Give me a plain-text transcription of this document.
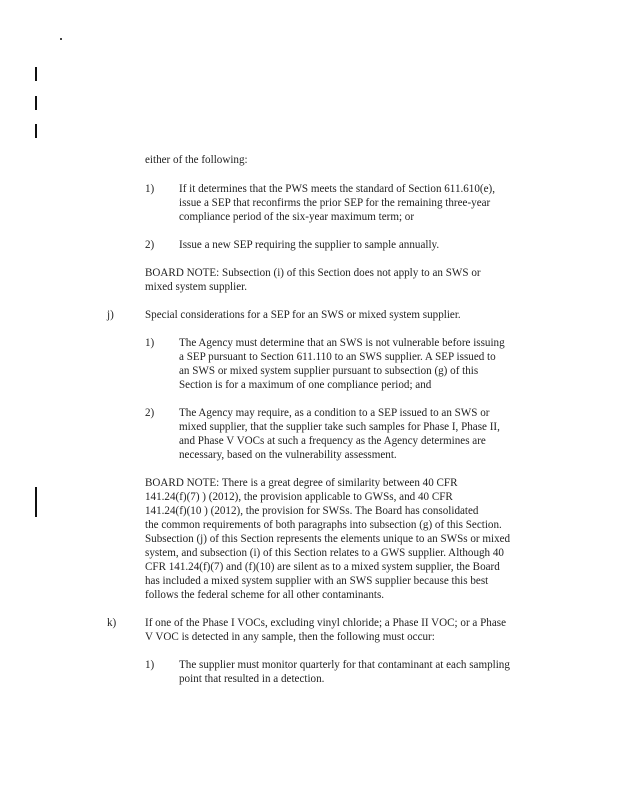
either of the following:
1) If it determines that the PWS meets the standard of Section 611.610(e),
issue a SEP that reconfirms the prior SEP for the remaining three-year
compliance period of the six-year maximum term; or
2) Issue a new SEP requiring the supplier to sample annually.
BOARD NOTE: Subsection (i) of this Section does not apply to an SWS or
mixed system supplier.
j)	Special considerations for a SEP for an SWS or mixed system supplier.
1) The Agency must determine that an SWS is not vulnerable before issuing
a SEP pursuant to Section 611.110 to an SWS supplier. A SEP issued to
an SWS or mixed system supplier pursuant to subsection (g) of this
Section is for a maximum of one compliance period; and
2) The Agency may require, as a condition to a SEP issued to an SWS or
mixed supplier, that the supplier take such samples for Phase I, Phase II,
and Phase V VOCs at such a frequency as the Agency determines are
necessary, based on the vulnerability assessment.
BOARD NOTE: There is a great degree of similarity between 40 CFR
141.24(f)(7) ) (2012), the provision applicable to GWSs, and 40 CFR
141.24(f)(10 ) (2012), the provision for SWSs. The Board has consolidated
the common requirements of both paragraphs into subsection (g) of this Section.
Subsection (j) of this Section represents the elements unique to an SWSs or mixed
system, and subsection (i) of this Section relates to a GWS supplier. Although 40
CFR 141.24(f)(7) and (f)(10) are silent as to a mixed system supplier, the Board
has included a mixed system supplier with an SWS supplier because this best
follows the federal scheme for all other contaminants.
k)	If one of the Phase I VOCs, excluding vinyl chloride; a Phase II VOC; or a Phase
V VOC is detected in any sample, then the following must occur:
1) The supplier must monitor quarterly for that contaminant at each sampling
point that resulted in a detection.
